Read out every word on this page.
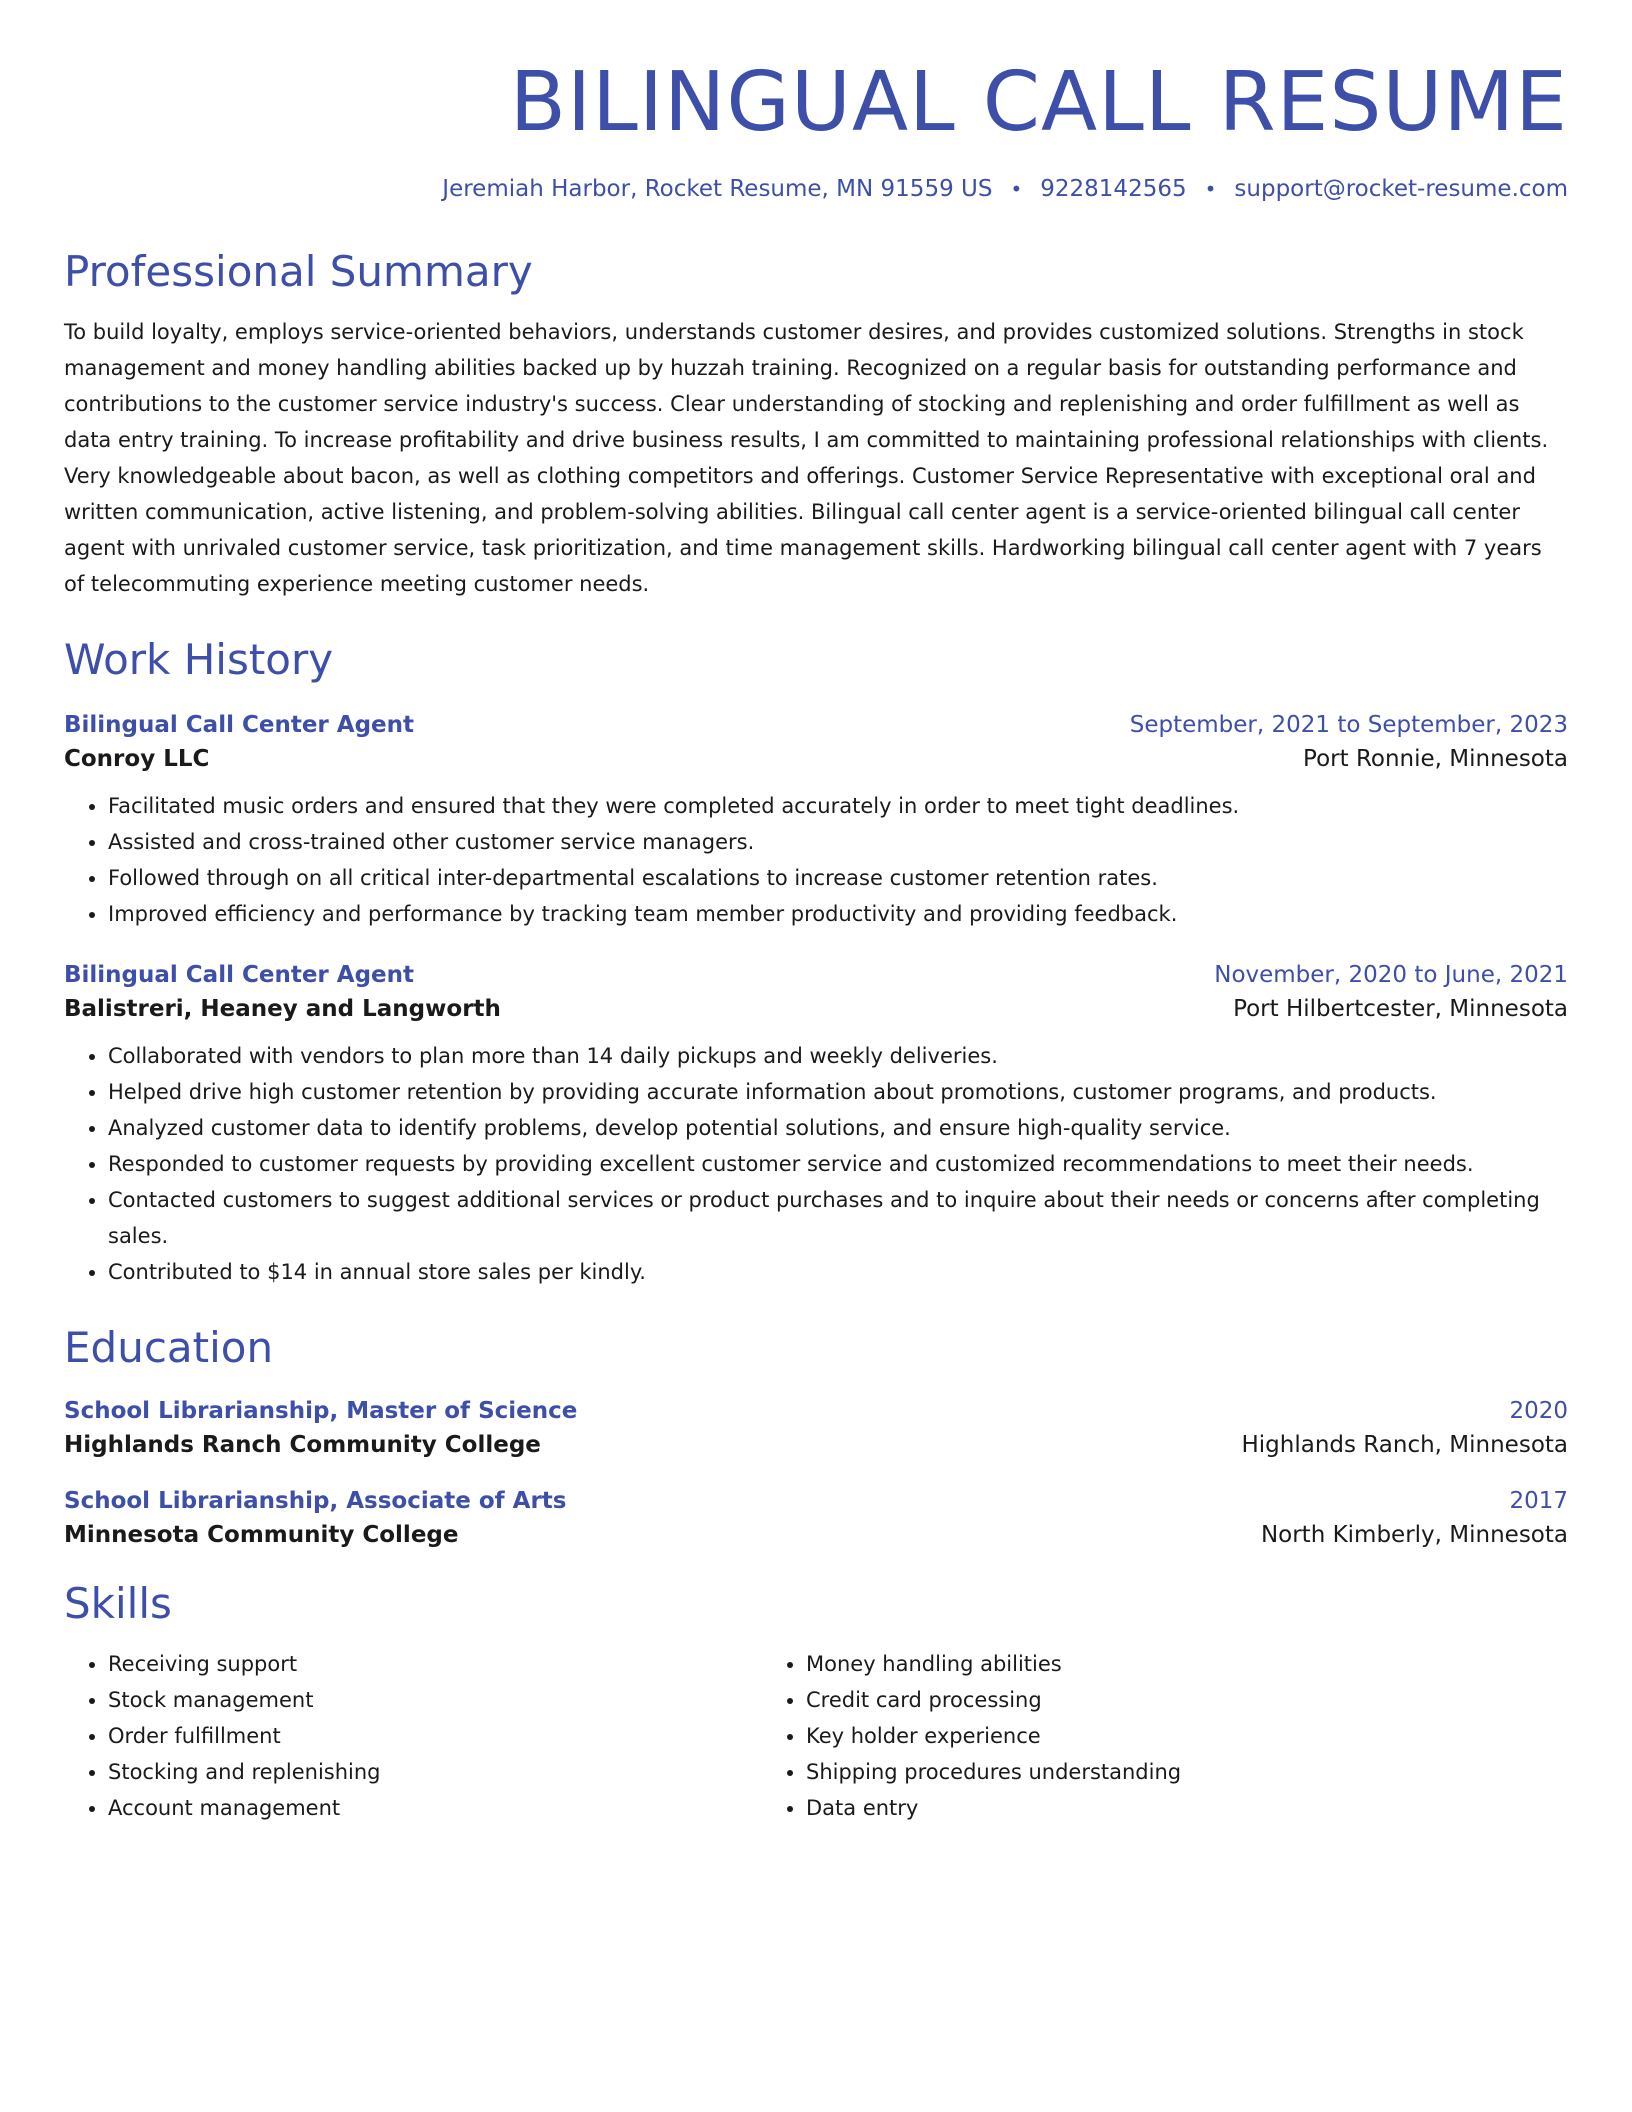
BILINGUAL CALL RESUME
Jeremiah Harbor, Rocket Resume, MN 91559 US • 9228142565 • support@rocket-resume.com
Professional Summary
To build loyalty, employs service-oriented behaviors, understands customer desires, and provides customized solutions. Strengths in stock management and money handling abilities backed up by huzzah training. Recognized on a regular basis for outstanding performance and contributions to the customer service industry's success. Clear understanding of stocking and replenishing and order fulfillment as well as data entry training. To increase profitability and drive business results, I am committed to maintaining professional relationships with clients. Very knowledgeable about bacon, as well as clothing competitors and offerings. Customer Service Representative with exceptional oral and written communication, active listening, and problem-solving abilities. Bilingual call center agent is a service-oriented bilingual call center agent with unrivaled customer service, task prioritization, and time management skills. Hardworking bilingual call center agent with 7 years of telecommuting experience meeting customer needs.
Work History
Bilingual Call Center Agent	September, 2021 to September, 2023
Conroy LLC	Port Ronnie, Minnesota
• Facilitated music orders and ensured that they were completed accurately in order to meet tight deadlines.
• Assisted and cross-trained other customer service managers.
• Followed through on all critical inter-departmental escalations to increase customer retention rates.
• Improved efficiency and performance by tracking team member productivity and providing feedback.
Bilingual Call Center Agent	November, 2020 to June, 2021
Balistreri, Heaney and Langworth	Port Hilbertcester, Minnesota
• Collaborated with vendors to plan more than 14 daily pickups and weekly deliveries.
• Helped drive high customer retention by providing accurate information about promotions, customer programs, and products.
• Analyzed customer data to identify problems, develop potential solutions, and ensure high-quality service.
• Responded to customer requests by providing excellent customer service and customized recommendations to meet their needs.
• Contacted customers to suggest additional services or product purchases and to inquire about their needs or concerns after completing sales.
• Contributed to $14 in annual store sales per kindly.
Education
School Librarianship, Master of Science	2020
Highlands Ranch Community College	Highlands Ranch, Minnesota
School Librarianship, Associate of Arts	2017
Minnesota Community College	North Kimberly, Minnesota
Skills
• Receiving support
• Stock management
• Order fulfillment
• Stocking and replenishing
• Account management
• Money handling abilities
• Credit card processing
• Key holder experience
• Shipping procedures understanding
• Data entry
